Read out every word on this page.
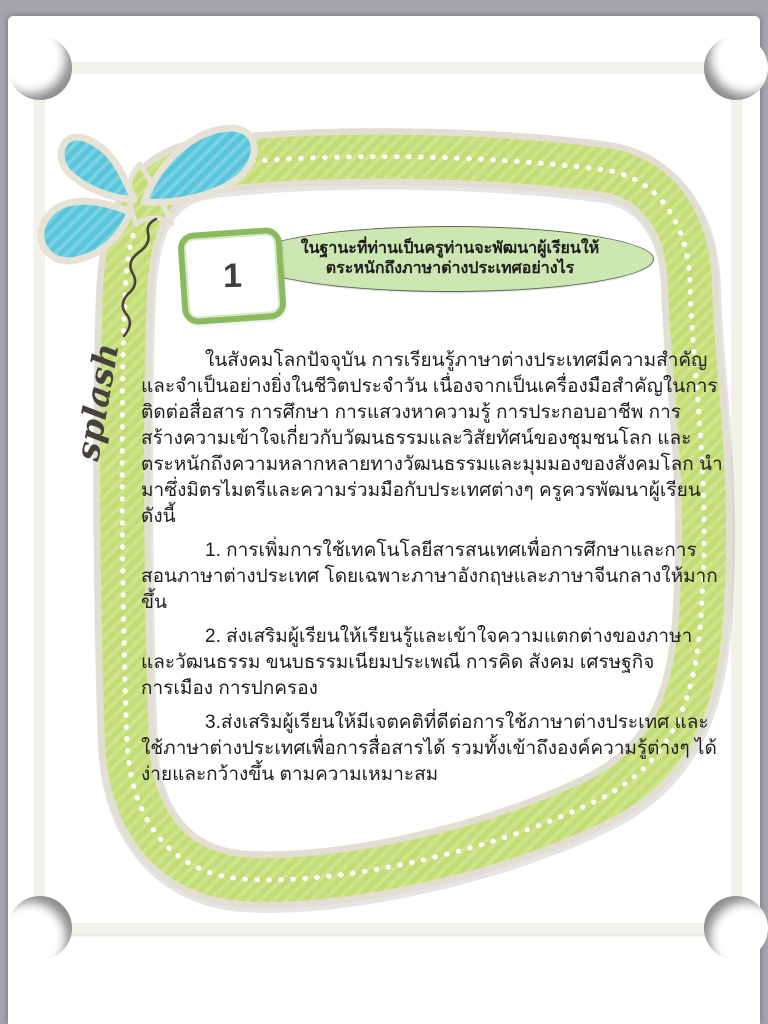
splash
ในฐานะที่ท่านเป็นครูท่านจะพัฒนาผู้เรียนให้
ตระหนักถึงภาษาต่างประเทศอย่างไร
1
ในสังคมโลกปัจจุบัน การเรียนรู้ภาษาต่างประเทศมีความสำคัญ
และจำเป็นอย่างยิ่งในชีวิตประจำวัน เนื่องจากเป็นเครื่องมือสำคัญในการ
ติดต่อสื่อสาร การศึกษา การแสวงหาความรู้ การประกอบอาชีพ การ
สร้างความเข้าใจเกี่ยวกับวัฒนธรรมและวิสัยทัศน์ของชุมชนโลก และ
ตระหนักถึงความหลากหลายทางวัฒนธรรมและมุมมองของสังคมโลก นำ
มาซึ่งมิตรไมตรีและความร่วมมือกับประเทศต่างๆ ครูควรพัฒนาผู้เรียน
ดังนี้
1. การเพิ่มการใช้เทคโนโลยีสารสนเทศเพื่อการศึกษาและการ
สอนภาษาต่างประเทศ โดยเฉพาะภาษาอังกฤษและภาษาจีนกลางให้มาก
ขึ้น
2. ส่งเสริมผู้เรียนให้เรียนรู้และเข้าใจความแตกต่างของภาษา
และวัฒนธรรม ขนบธรรมเนียมประเพณี การคิด สังคม เศรษฐกิจ
การเมือง การปกครอง
3.ส่งเสริมผู้เรียนให้มีเจตคติที่ดีต่อการใช้ภาษาต่างประเทศ และ
ใช้ภาษาต่างประเทศเพื่อการสื่อสารได้ รวมทั้งเข้าถึงองค์ความรู้ต่างๆ ได้
ง่ายและกว้างขึ้น ตามความเหมาะสม
